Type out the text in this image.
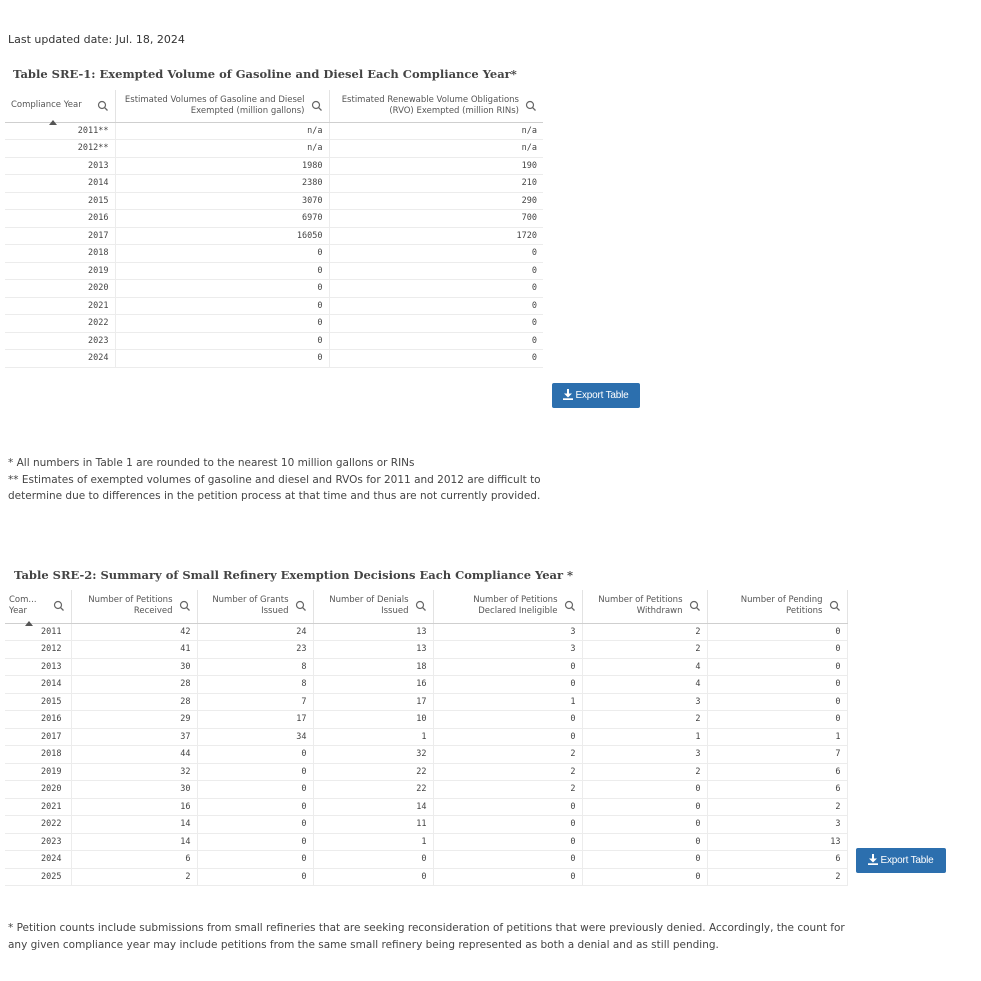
Last updated date: Jul. 18, 2024
Table SRE-1: Exempted Volume of Gasoline and Diesel Each Compliance Year*
Compliance Year	Estimated Volumes of Gasoline and Diesel Exempted (million gallons)	Estimated Renewable Volume Obligations (RVO) Exempted (million RINs)

2011**	n/a	n/a
2012**	n/a	n/a
2013	1980	190
2014	2380	210
2015	3070	290
2016	6970	700
2017	16050	1720
2018	0	0
2019	0	0
2020	0	0
2021	0	0
2022	0	0
2023	0	0
2024	0	0
Export Table
* All numbers in Table 1 are rounded to the nearest 10 million gallons or RINs
** Estimates of exempted volumes of gasoline and diesel and RVOs for 2011 and 2012 are difficult to determine due to differences in the petition process at that time and thus are not currently provided.
Table SRE-2: Summary of Small Refinery Exemption Decisions Each Compliance Year *
Com... Year	Number of Petitions Received	Number of Grants Issued	Number of Denials Issued	Number of Petitions Declared Ineligible	Number of Petitions Withdrawn	Number of Pending Petitions

2011	42	24	13	3	2	0
2012	41	23	13	3	2	0
2013	30	8	18	0	4	0
2014	28	8	16	0	4	0
2015	28	7	17	1	3	0
2016	29	17	10	0	2	0
2017	37	34	1	0	1	1
2018	44	0	32	2	3	7
2019	32	0	22	2	2	6
2020	30	0	22	2	0	6
2021	16	0	14	0	0	2
2022	14	0	11	0	0	3
2023	14	0	1	0	0	13
2024	6	0	0	0	0	6
2025	2	0	0	0	0	2
Export Table
* Petition counts include submissions from small refineries that are seeking reconsideration of petitions that were previously denied. Accordingly, the count for any given compliance year may include petitions from the same small refinery being represented as both a denial and as still pending.
